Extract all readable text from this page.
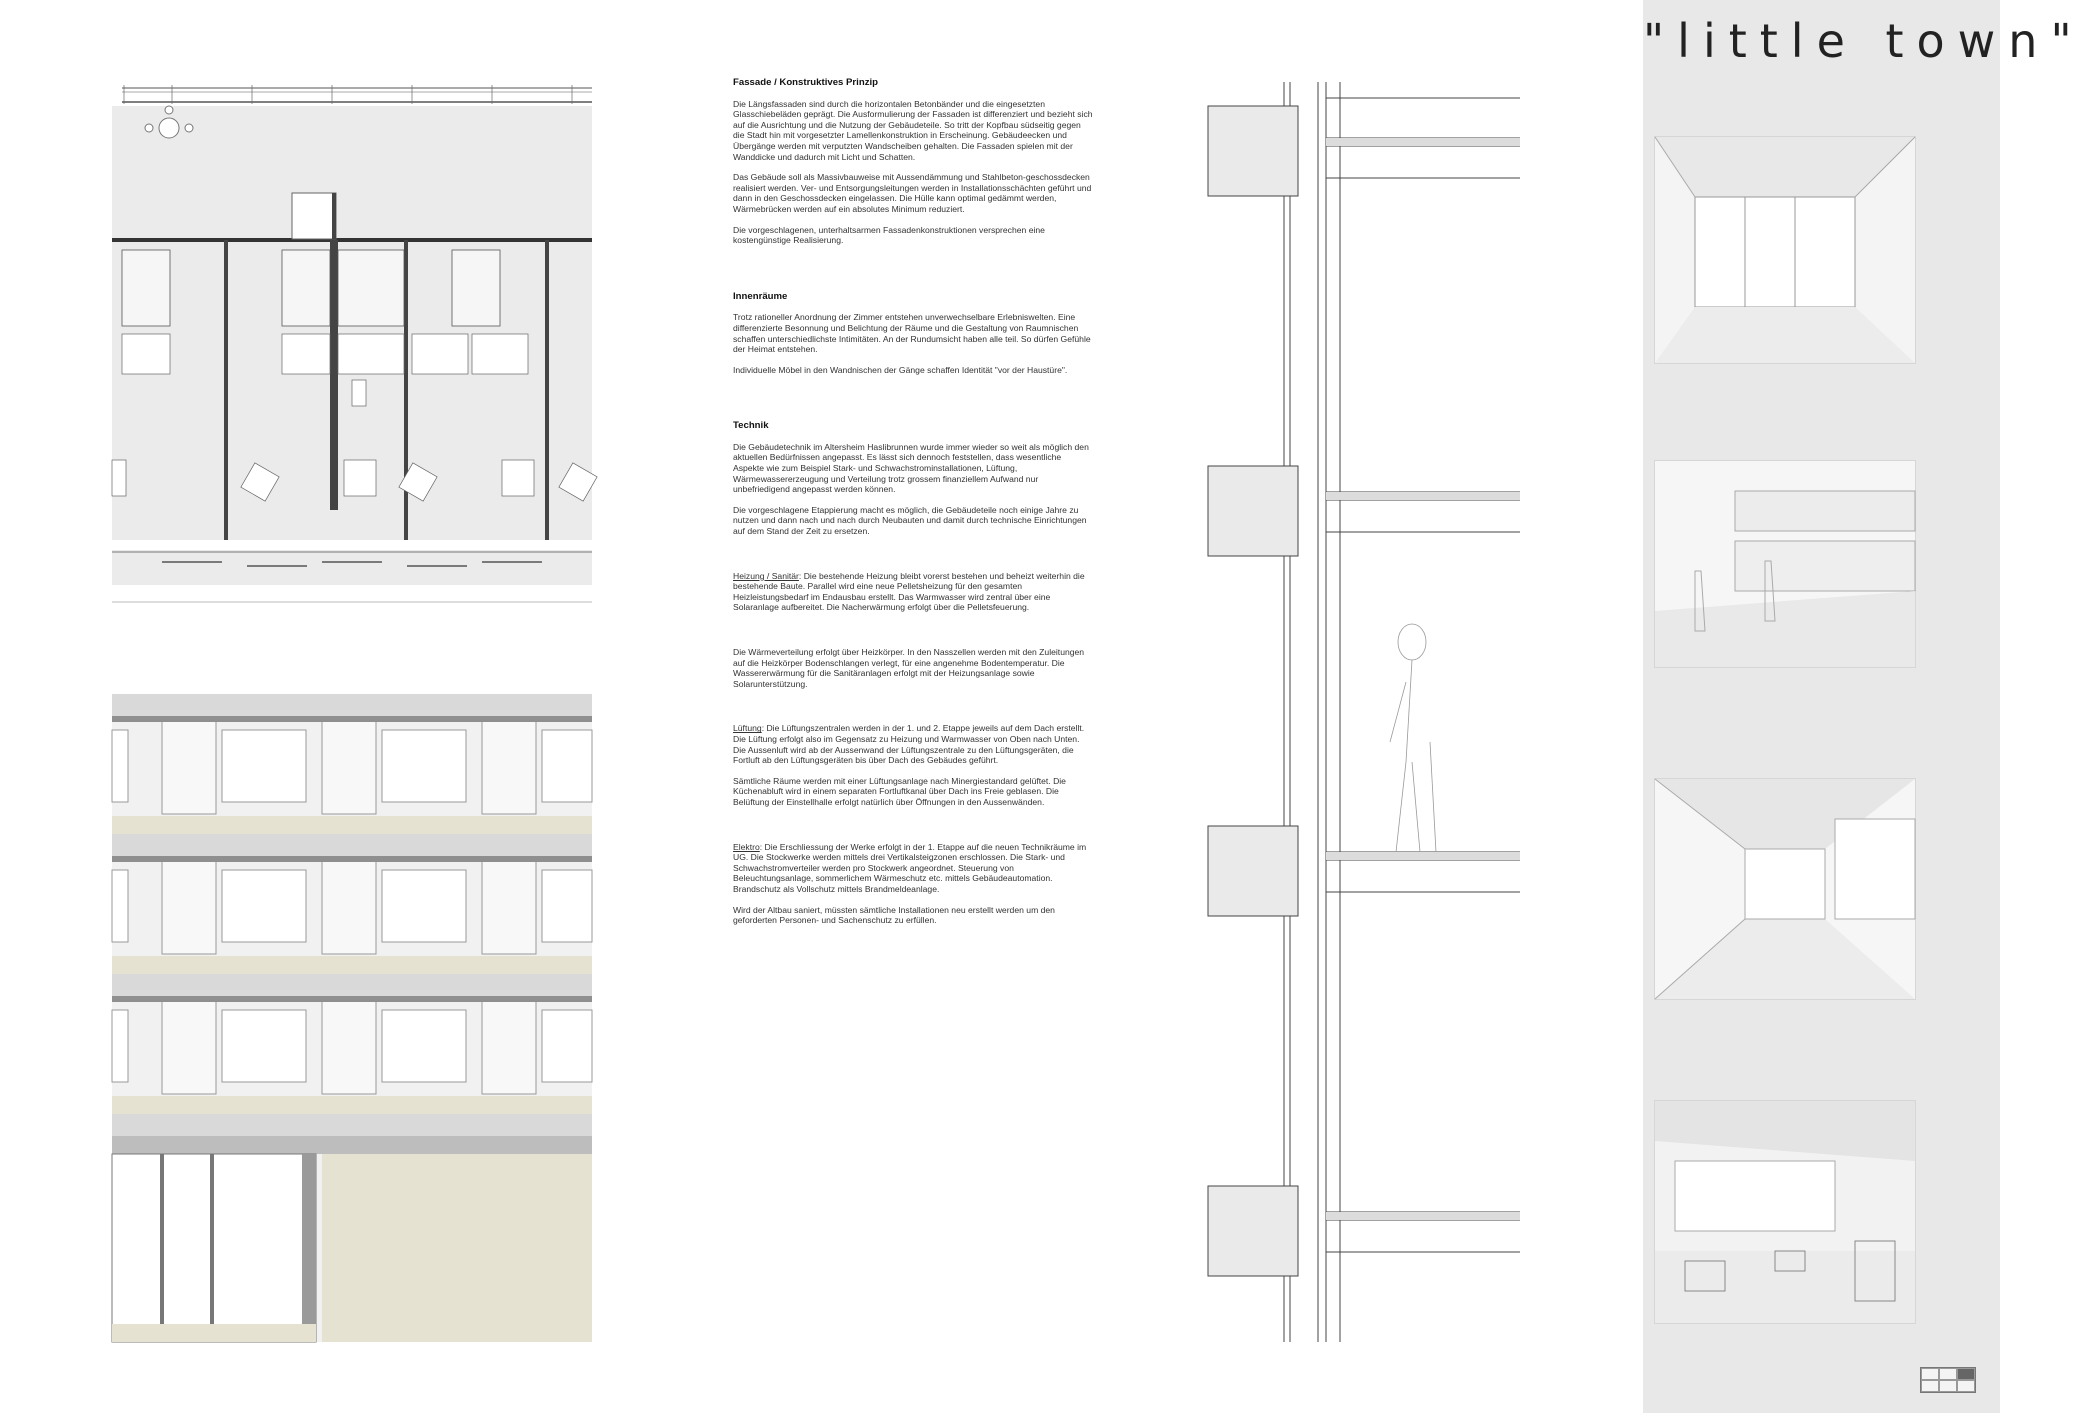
Fassade / Konstruktives Prinzip

Die Längsfassaden sind durch die horizontalen Betonbänder und die eingesetzten Glasschiebeläden geprägt. Die Ausformulierung der Fassaden ist differenziert und bezieht sich auf die Ausrichtung und die Nutzung der Gebäudeteile. So tritt der Kopfbau südseitig gegen die Stadt hin mit vorgesetzter Lamellenkonstruktion in Erscheinung. Gebäudeecken und Übergänge werden mit verputzten Wandscheiben gehalten. Die Fassaden spielen mit der Wanddicke und dadurch mit Licht und Schatten.

Das Gebäude soll als Massivbauweise mit Aussendämmung und Stahlbeton-geschossdecken realisiert werden. Ver- und Entsorgungsleitungen werden in Installationsschächten geführt und dann in den Geschossdecken eingelassen. Die Hülle kann optimal gedämmt werden, Wärmebrücken werden auf ein absolutes Minimum reduziert.

Die vorgeschlagenen, unterhaltsarmen Fassadenkonstruktionen versprechen eine kostengünstige Realisierung.

Innenräume

Trotz rationeller Anordnung der Zimmer entstehen unverwechselbare Erlebniswelten. Eine differenzierte Besonnung und Belichtung der Räume und die Gestaltung von Raumnischen schaffen unterschiedlichste Intimitäten. An der Rundumsicht haben alle teil. So dürfen Gefühle der Heimat entstehen.

Individuelle Möbel in den Wandnischen der Gänge schaffen Identität "vor der Haustüre".

Technik

Die Gebäudetechnik im Altersheim Haslibrunnen wurde immer wieder so weit als möglich den aktuellen Bedürfnissen angepasst. Es lässt sich dennoch feststellen, dass wesentliche Aspekte wie zum Beispiel Stark- und Schwachstrominstallationen, Lüftung, Wärmewassererzeugung und Verteilung trotz grossem finanziellem Aufwand nur unbefriedigend angepasst werden können.

Die vorgeschlagene Etappierung macht es möglich, die Gebäudeteile noch einige Jahre zu nutzen und dann nach und nach durch Neubauten und damit durch technische Einrichtungen auf dem Stand der Zeit zu ersetzen.

Heizung / Sanitär: Die bestehende Heizung bleibt vorerst bestehen und beheizt weiterhin die bestehende Baute. Parallel wird eine neue Pelletsheizung für den gesamten Heizleistungsbedarf im Endausbau erstellt. Das Warmwasser wird zentral über eine Solaranlage aufbereitet. Die Nacherwärmung erfolgt über die Pelletsfeuerung.

Die Wärmeverteilung erfolgt über Heizkörper. In den Nasszellen werden mit den Zuleitungen auf die Heizkörper Bodenschlangen verlegt, für eine angenehme Bodentemperatur. Die Wassererwärmung für die Sanitäranlagen erfolgt mit der Heizungsanlage sowie Solarunterstützung.

Lüftung: Die Lüftungszentralen werden in der 1. und 2. Etappe jeweils auf dem Dach erstellt. Die Lüftung erfolgt also im Gegensatz zu Heizung und Warmwasser von Oben nach Unten. Die Aussenluft wird ab der Aussenwand der Lüftungszentrale zu den Lüftungsgeräten, die Fortluft ab den Lüftungsgeräten bis über Dach des Gebäudes geführt.

Sämtliche Räume werden mit einer Lüftungsanlage nach Minergiestandard gelüftet. Die Küchenabluft wird in einem separaten Fortluftkanal über Dach ins Freie geblasen. Die Belüftung der Einstellhalle erfolgt natürlich über Öffnungen in den Aussenwänden.

Elektro: Die Erschliessung der Werke erfolgt in der 1. Etappe auf die neuen Technikräume im UG. Die Stockwerke werden mittels drei Vertikalsteigzonen erschlossen. Die Stark- und Schwachstromverteiler werden pro Stockwerk angeordnet. Steuerung von Beleuchtungsanlage, sommerlichem Wärmeschutz etc. mittels Gebäudeautomation. Brandschutz als Vollschutz mittels Brandmeldeanlage.

Wird der Altbau saniert, müssten sämtliche Installationen neu erstellt werden um den geforderten Personen- und Sachenschutz zu erfüllen.

"little town"
